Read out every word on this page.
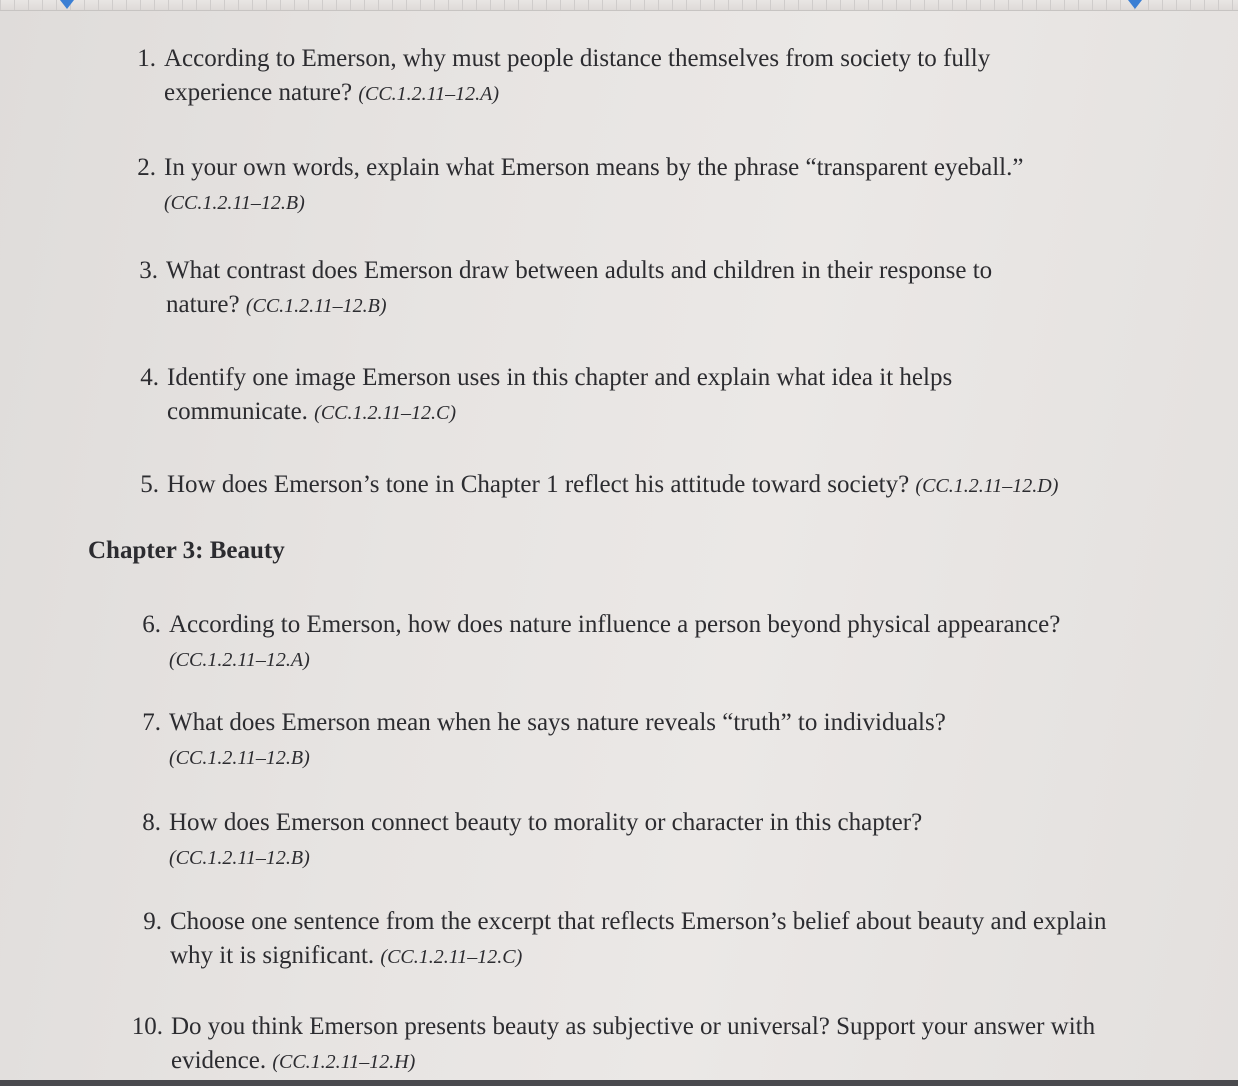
1. According to Emerson, why must people distance themselves from society to fully experience nature? (CC.1.2.11–12.A)
2. In your own words, explain what Emerson means by the phrase “transparent eyeball.” (CC.1.2.11–12.B)
3. What contrast does Emerson draw between adults and children in their response to nature? (CC.1.2.11–12.B)
4. Identify one image Emerson uses in this chapter and explain what idea it helps communicate. (CC.1.2.11–12.C)
5. How does Emerson’s tone in Chapter 1 reflect his attitude toward society? (CC.1.2.11–12.D)
Chapter 3: Beauty
6. According to Emerson, how does nature influence a person beyond physical appearance? (CC.1.2.11–12.A)
7. What does Emerson mean when he says nature reveals “truth” to individuals? (CC.1.2.11–12.B)
8. How does Emerson connect beauty to morality or character in this chapter? (CC.1.2.11–12.B)
9. Choose one sentence from the excerpt that reflects Emerson’s belief about beauty and explain why it is significant. (CC.1.2.11–12.C)
10. Do you think Emerson presents beauty as subjective or universal? Support your answer with evidence. (CC.1.2.11–12.H)
